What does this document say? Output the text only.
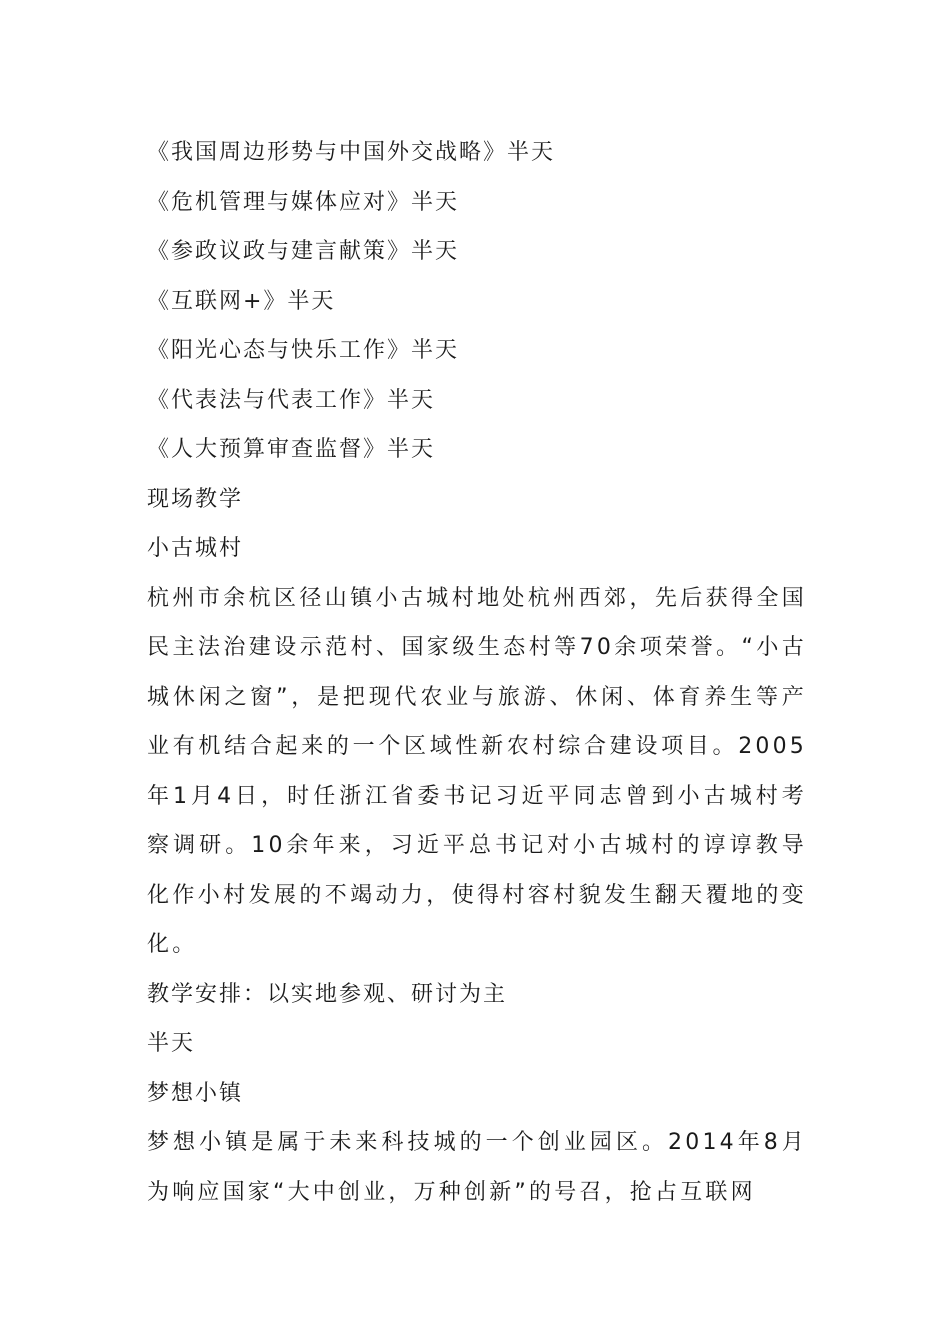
《我国周边形势与中国外交战略》半天

《危机管理与媒体应对》半天

《参政议政与建言献策》半天

《互联网+》半天

《阳光心态与快乐工作》半天

《代表法与代表工作》半天

《人大预算审查监督》半天

现场教学

小古城村

杭州市余杭区径山镇小古城村地处杭州西郊，先后获得全国民主法治建设示范村、国家级生态村等70余项荣誉。“小古城休闲之窗”，是把现代农业与旅游、休闲、体育养生等产业有机结合起来的一个区域性新农村综合建设项目。2005年1月4日，时任浙江省委书记习近平同志曾到小古城村考察调研。10余年来，习近平总书记对小古城村的谆谆教导化作小村发展的不竭动力，使得村容村貌发生翻天覆地的变化。

教学安排：以实地参观、研讨为主

半天

梦想小镇

梦想小镇是属于未来科技城的一个创业园区。2014年8月为响应国家“大中创业，万种创新”的号召，抢占互联网
